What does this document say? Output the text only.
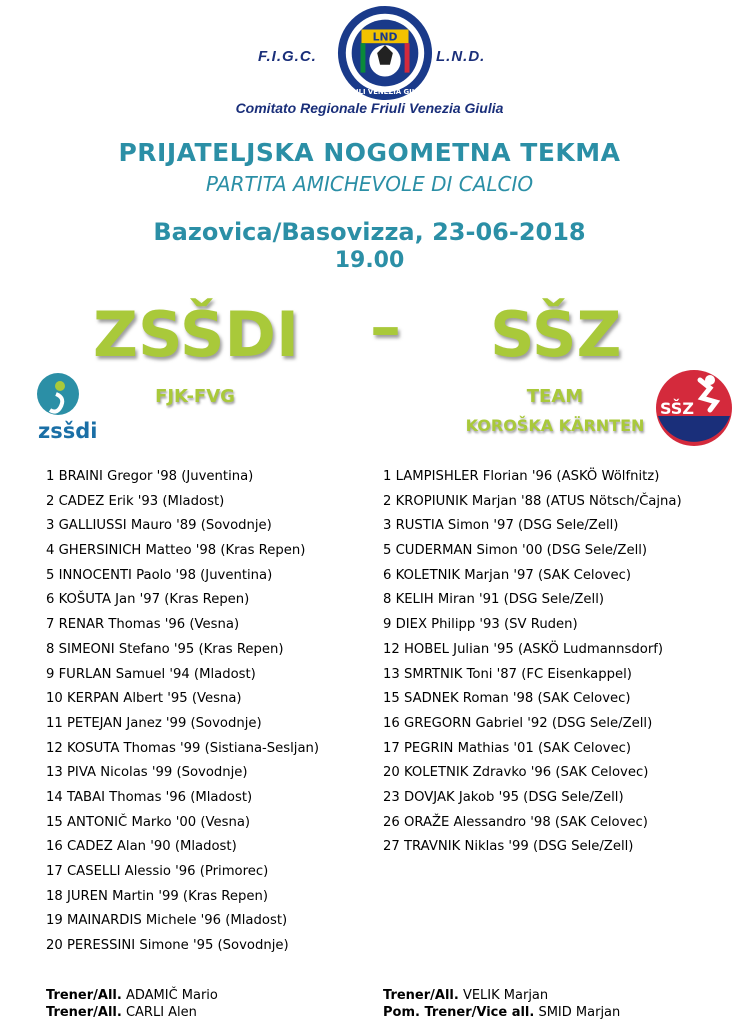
F.I.G.C.
LND
FRIULI VENEZIA GIULIA
L.N.D.
Comitato Regionale Friuli Venezia Giulia
PRIJATELJSKA NOGOMETNA TEKMA
PARTITA AMICHEVOLE DI CALCIO
Bazovica/Basovizza, 23-06-2018
19.00
ZSŠDI – SŠZ
zsšdi
FJK-FVG	TEAM
KOROŠKA KÄRNTEN
SŠZ
1 BRAINI Gregor '98 (Juventina)
2 CADEZ Erik '93 (Mladost)
3 GALLIUSSI Mauro '89 (Sovodnje)
4 GHERSINICH Matteo '98 (Kras Repen)
5 INNOCENTI Paolo '98 (Juventina)
6 KOŠUTA Jan '97 (Kras Repen)
7 RENAR Thomas '96 (Vesna)
8 SIMEONI Stefano '95 (Kras Repen)
9 FURLAN Samuel '94 (Mladost)
10 KERPAN Albert '95 (Vesna)
11 PETEJAN Janez '99 (Sovodnje)
12 KOSUTA Thomas '99 (Sistiana-Sesljan)
13 PIVA Nicolas '99 (Sovodnje)
14 TABAI Thomas '96 (Mladost)
15 ANTONIČ Marko '00 (Vesna)
16 CADEZ Alan '90 (Mladost)
17 CASELLI Alessio '96 (Primorec)
18 JUREN Martin '99 (Kras Repen)
19 MAINARDIS Michele '96 (Mladost)
20 PERESSINI Simone '95 (Sovodnje)
1 LAMPISHLER Florian '96 (ASKÖ Wölfnitz)
2 KROPIUNIK Marjan '88 (ATUS Nötsch/Čajna)
3 RUSTIA Simon '97 (DSG Sele/Zell)
5 CUDERMAN Simon '00 (DSG Sele/Zell)
6 KOLETNIK Marjan '97 (SAK Celovec)
8 KELIH Miran '91 (DSG Sele/Zell)
9 DIEX Philipp '93 (SV Ruden)
12 HOBEL Julian '95 (ASKÖ Ludmannsdorf)
13 SMRTNIK Toni '87 (FC Eisenkappel)
15 SADNEK Roman '98 (SAK Celovec)
16 GREGORN Gabriel '92 (DSG Sele/Zell)
17 PEGRIN Mathias '01 (SAK Celovec)
20 KOLETNIK Zdravko '96 (SAK Celovec)
23 DOVJAK Jakob '95 (DSG Sele/Zell)
26 ORAŽE Alessandro '98 (SAK Celovec)
27 TRAVNIK Niklas '99 (DSG Sele/Zell)
Trener/All. ADAMIČ Mario
Trener/All. CARLI Alen
Trener/All. VELIK Marjan
Pom. Trener/Vice all. SMID Marjan
